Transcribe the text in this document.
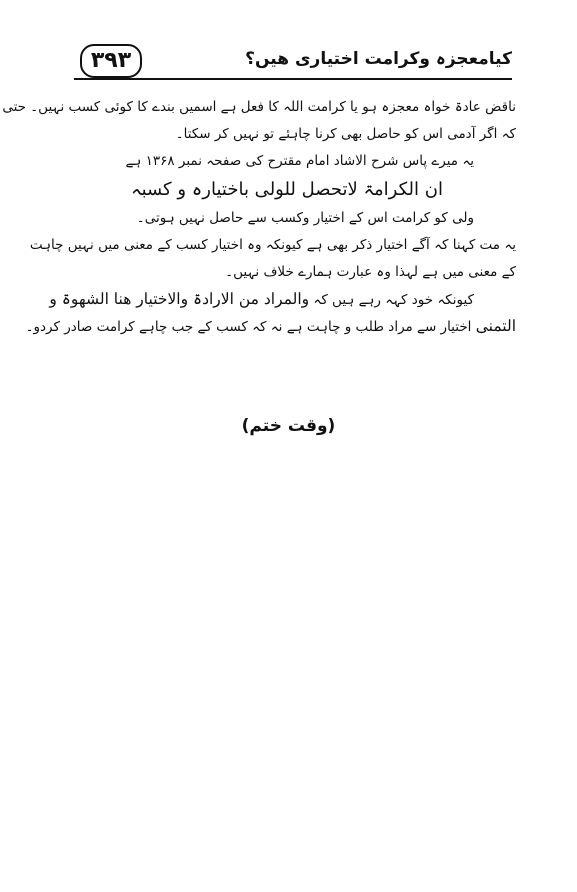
۳۹۳	کیامعجزہ وکرامت اختیاری ھیں؟
ناقض عادۃ خواہ معجزہ ہو یا کرامت اللہ کا فعل ہے اسمیں بندے کا کوئی کسب نہیں۔ حتی
کہ اگر آدمی اس کو حاصل بھی کرنا چاہئے تو نہیں کر سکتا۔
یہ میرے پاس شرح الاشاد امام مقترح کی صفحہ نمبر ۱۳۶۸ ہے
ان الکرامۃ لاتحصل للولی باختیارہ و کسبہ
ولی کو کرامت اس کے اختیار وکسب سے حاصل نہیں ہوتی۔
یہ مت کہنا کہ آگے اختیار ذکر بھی ہے کیونکہ وہ اختیار کسب کے معنی میں نہیں چاہت
کے معنی میں ہے لہذا وہ عبارت ہمارے خلاف نہیں۔
کیونکہ خود کہہ رہے ہیں کہ والمراد من الارادۃ والاختیار ھنا الشھوۃ و
التمنی اختیار سے مراد طلب و چاہت ہے نہ کہ کسب کے جب چاہے کرامت صادر کردو۔
(وقت ختم)
